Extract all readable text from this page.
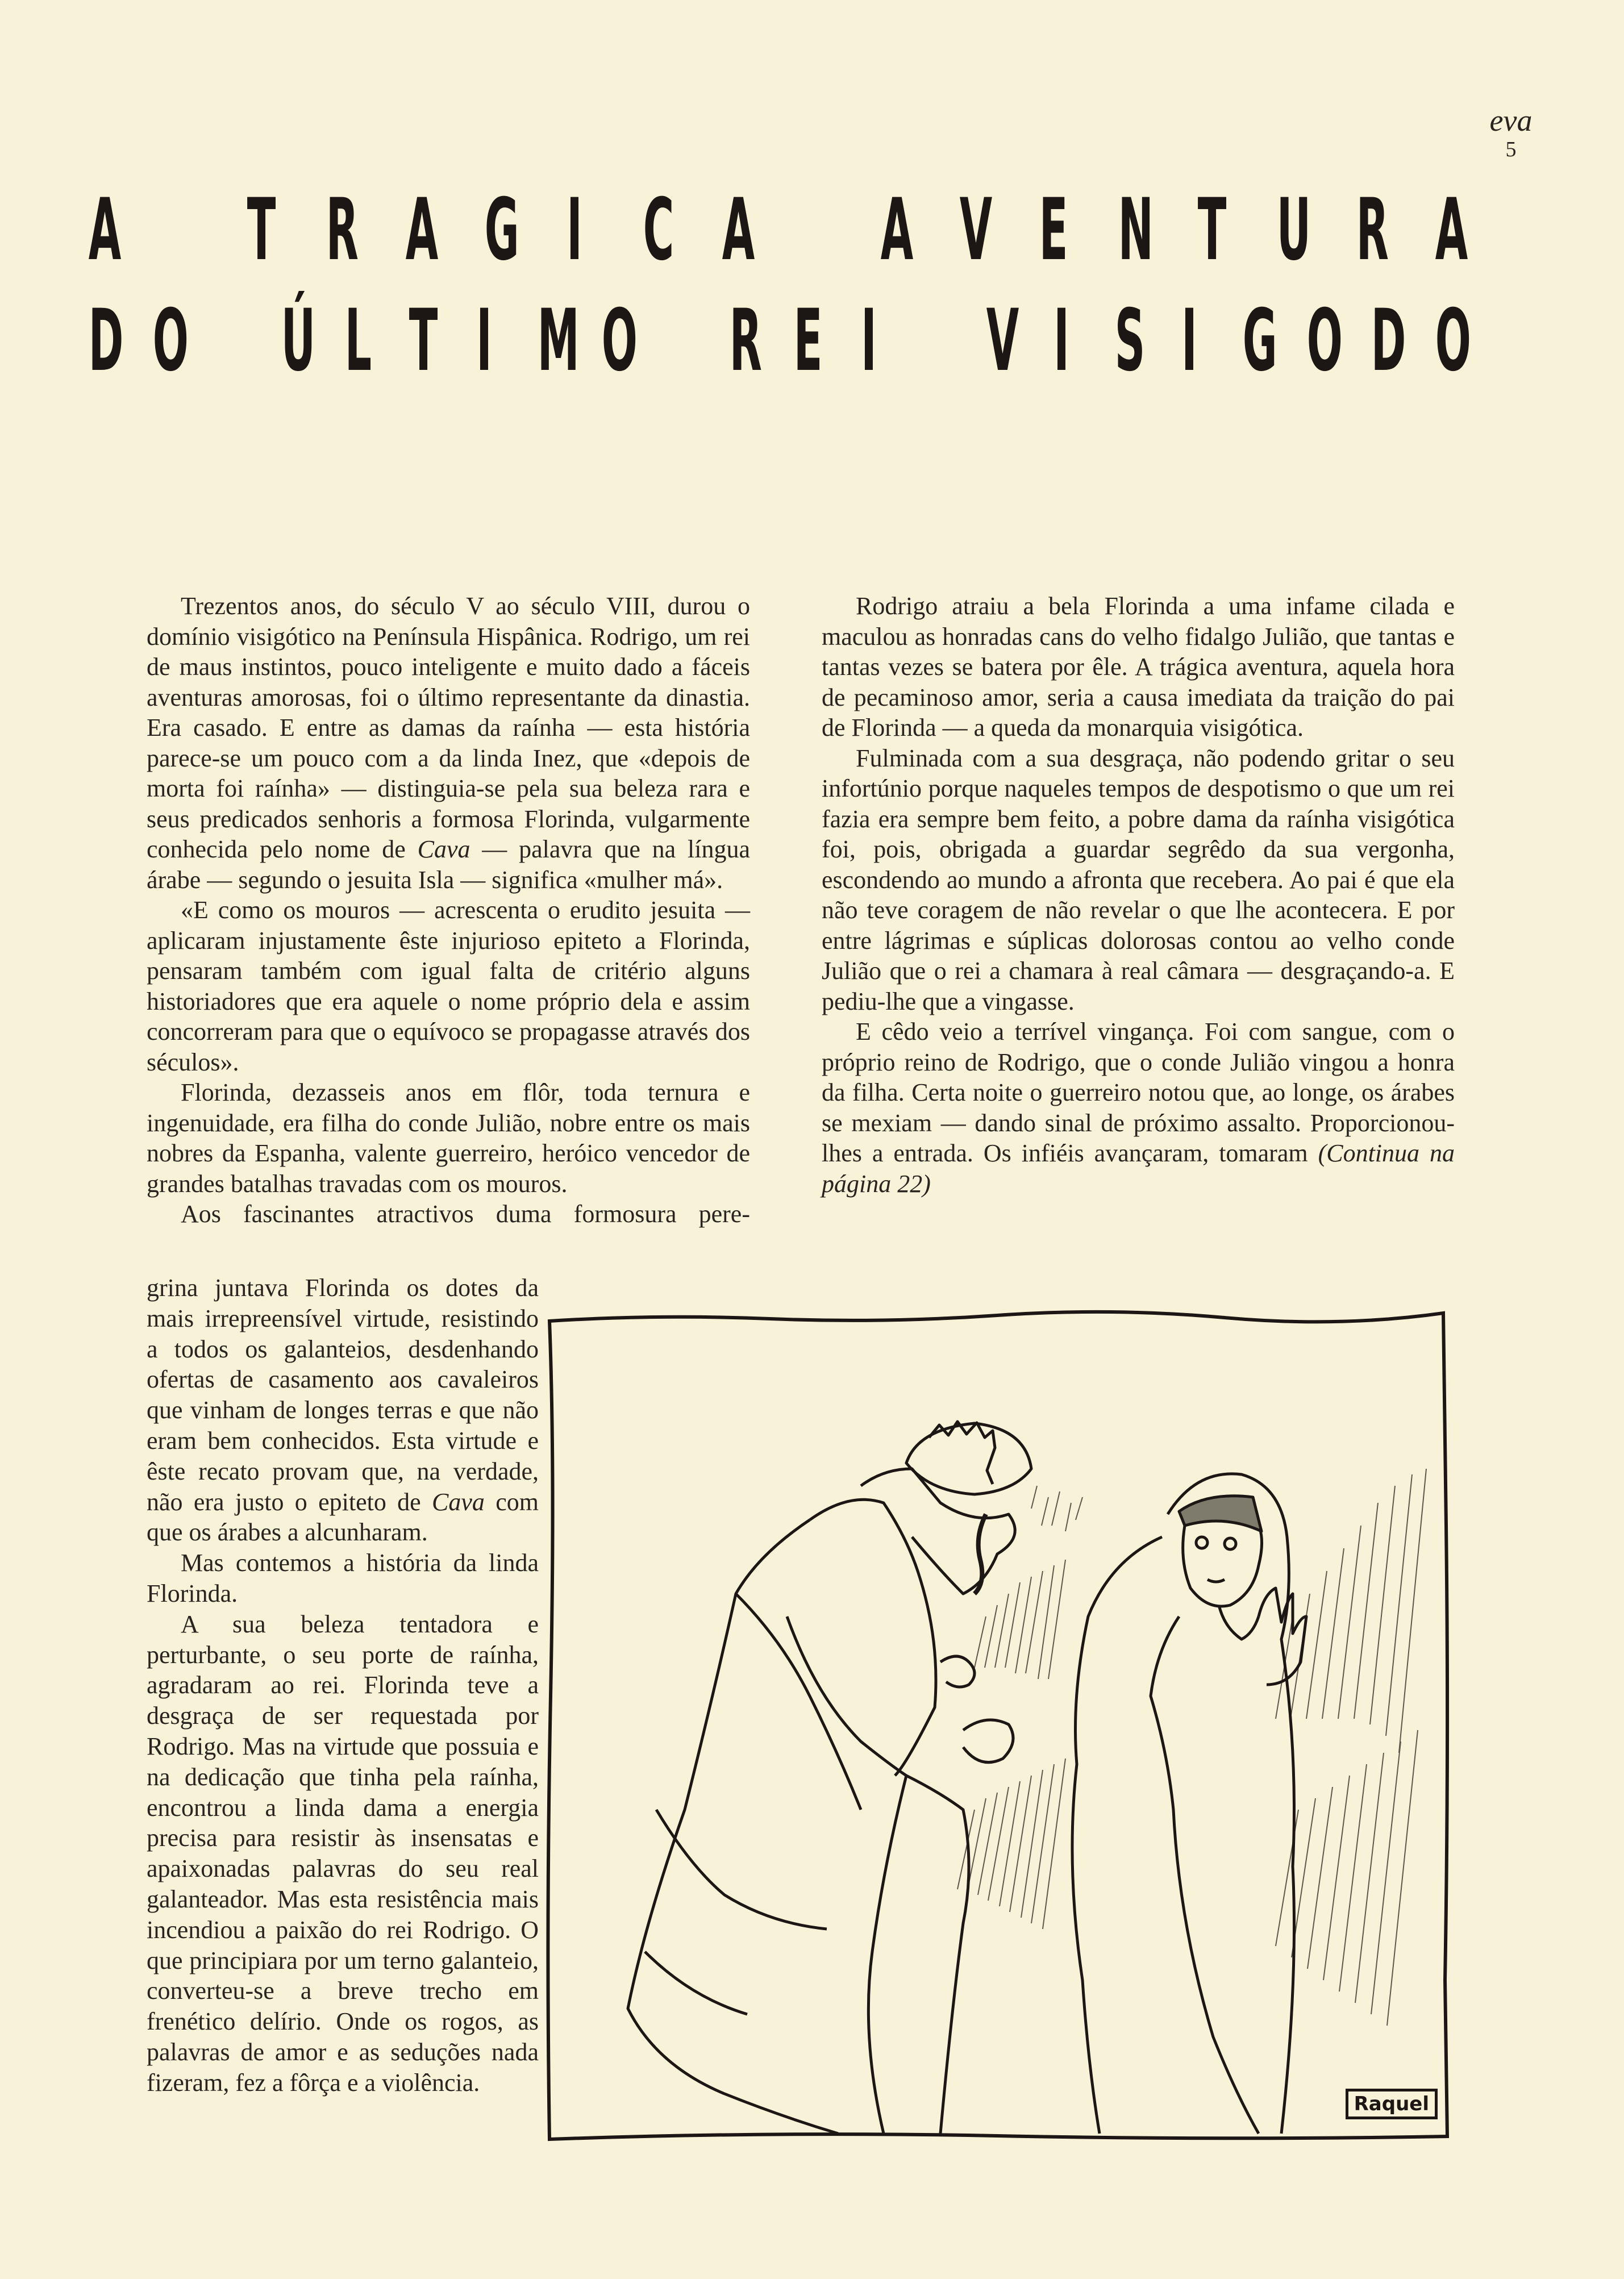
eva
5
A T R A G I C A A V E N T U R A
D O Ú L T I M O R E I V I S I G O D O

Trezentos anos, do século V ao século VIII, durou o domínio visigótico na Península Hispânica. Rodrigo, um rei de maus instintos, pouco inteligente e muito dado a fáceis aventuras amorosas, foi o último representante da dinastia. Era casado. E entre as damas da raínha — esta história parece-se um pouco com a da linda Inez, que «depois de morta foi raínha» — distinguia-se pela sua beleza rara e seus predicados senhoris a formosa Florinda, vulgarmente conhecida pelo nome de Cava — palavra que na língua árabe — segundo o jesuita Isla — significa «mulher má».

«E como os mouros — acrescenta o erudito jesuita — aplicaram injustamente êste injurioso epiteto a Florinda, pensaram também com igual falta de critério alguns historiadores que era aquele o nome próprio dela e assim concorreram para que o equívoco se propagasse através dos séculos».

Florinda, dezasseis anos em flôr, toda ternura e ingenuidade, era filha do conde Julião, nobre entre os mais nobres da Espanha, valente guerreiro, heróico vencedor de grandes batalhas travadas com os mouros.

Aos fascinantes atractivos duma formosura pere-

grina juntava Florinda os dotes da mais irrepreensível virtude, resistindo a todos os galanteios, desdenhando ofertas de casamento aos cavaleiros que vinham de longes terras e que não eram bem conhecidos. Esta virtude e êste recato provam que, na verdade, não era justo o epiteto de Cava com que os árabes a alcunharam.

Mas contemos a história da linda Florinda.

A sua beleza tentadora e perturbante, o seu porte de raínha, agradaram ao rei. Florinda teve a desgraça de ser requestada por Rodrigo. Mas na virtude que possuia e na dedicação que tinha pela raínha, encontrou a linda dama a energia precisa para resistir às insensatas e apaixonadas palavras do seu real galanteador. Mas esta resistência mais incendiou a paixão do rei Rodrigo. O que principiara por um terno galanteio, converteu-se a breve trecho em frenético delírio. Onde os rogos, as palavras de amor e as seduções nada fizeram, fez a fôrça e a violência.

Rodrigo atraiu a bela Florinda a uma infame cilada e maculou as honradas cans do velho fidalgo Julião, que tantas e tantas vezes se batera por êle. A trágica aventura, aquela hora de pecaminoso amor, seria a causa imediata da traição do pai de Florinda — a queda da monarquia visigótica.

Fulminada com a sua desgraça, não podendo gritar o seu infortúnio porque naqueles tempos de despotismo o que um rei fazia era sempre bem feito, a pobre dama da raínha visigótica foi, pois, obrigada a guardar segrêdo da sua vergonha, escondendo ao mundo a afronta que recebera. Ao pai é que ela não teve coragem de não revelar o que lhe acontecera. E por entre lágrimas e súplicas dolorosas contou ao velho conde Julião que o rei a chamara à real câmara — desgraçando-a. E pediu-lhe que a vingasse.

E cêdo veio a terrível vingança. Foi com sangue, com o próprio reino de Rodrigo, que o conde Julião vingou a honra da filha. Certa noite o guerreiro notou que, ao longe, os árabes se mexiam — dando sinal de próximo assalto. Proporcionou-lhes a entrada. Os infiéis avançaram, tomaram (Continua na página 22)

Raquel
